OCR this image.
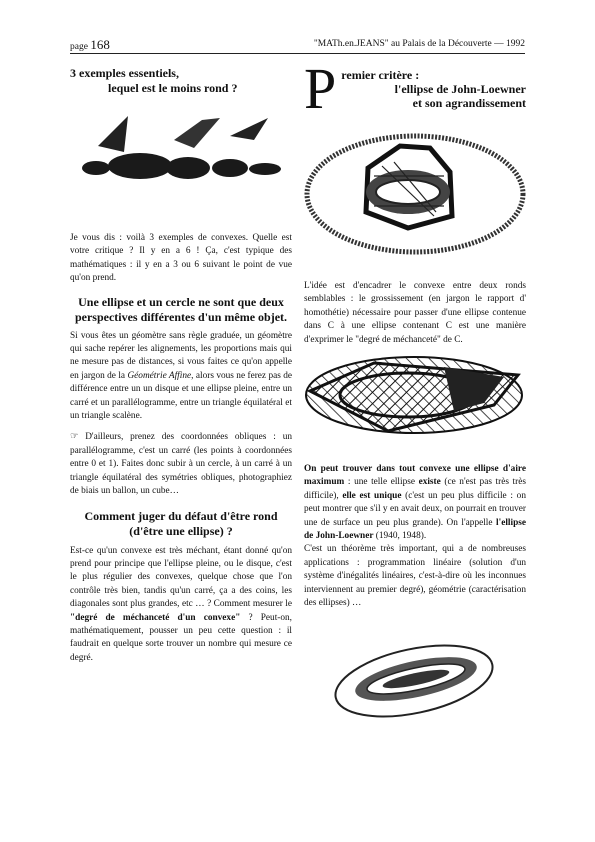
page 168	"MATh.en.JEANS" au Palais de la Découverte — 1992
3 exemples essentiels,
lequel est le moins rond ?

Je vous dis : voilà 3 exemples de convexes. Quelle est votre critique ? Il y en a 6 ! Ça, c'est typique des mathématiques : il y en a 3 ou 6 suivant le point de vue qu'on prend.

Une ellipse et un cercle ne sont que deux perspectives différentes d'un même objet.

Si vous êtes un géomètre sans règle graduée, un géomètre qui sache repérer les alignements, les proportions mais qui ne mesure pas de distances, si vous faites ce qu'on appelle en jargon de la Géométrie Affine, alors vous ne ferez pas de différence entre un un disque et une ellipse pleine, entre un carré et un parallélogramme, entre un triangle équilatéral et un triangle scalène.

☞ D'ailleurs, prenez des coordonnées obliques : un parallélogramme, c'est un carré (les points à coordonnées entre 0 et 1). Faites donc subir à un cercle, à un carré à un triangle équilatéral des symétries obliques, photographiez de biais un ballon, un cube…

Comment juger du défaut d'être rond (d'être une ellipse) ?

Est-ce qu'un convexe est très méchant, étant donné qu'on prend pour principe que l'ellipse pleine, ou le disque, c'est le plus régulier des convexes, quelque chose que l'on contrôle très bien, tandis qu'un carré, ça a des coins, les diagonales sont plus grandes, etc … ? Comment mesurer le "degré de méchanceté d'un convexe" ? Peut-on, mathématiquement, pousser un peu cette question : il faudrait en quelque sorte trouver un nombre qui mesure ce degré.

P remier critère :

l'ellipse de John-Loewner
et son agrandissement

L'idée est d'encadrer le convexe entre deux ronds semblables : le grossissement (en jargon le rapport d' homothétie) nécessaire pour passer d'une ellipse contenue dans C à une ellipse contenant C est une manière d'exprimer le "degré de méchanceté" de C.

On peut trouver dans tout convexe une ellipse d'aire maximum : une telle ellipse existe (ce n'est pas très très difficile), elle est unique (c'est un peu plus difficile : on peut montrer que s'il y en avait deux, on pourrait en trouver une de surface un peu plus grande). On l'appelle l'ellipse de John-Loewner (1940, 1948).

C'est un théorème très important, qui a de nombreuses applications : programmation linéaire (solution d'un système d'inégalités linéaires, c'est-à-dire où les inconnues interviennent au premier degré), géométrie (caractérisation des ellipses) …
